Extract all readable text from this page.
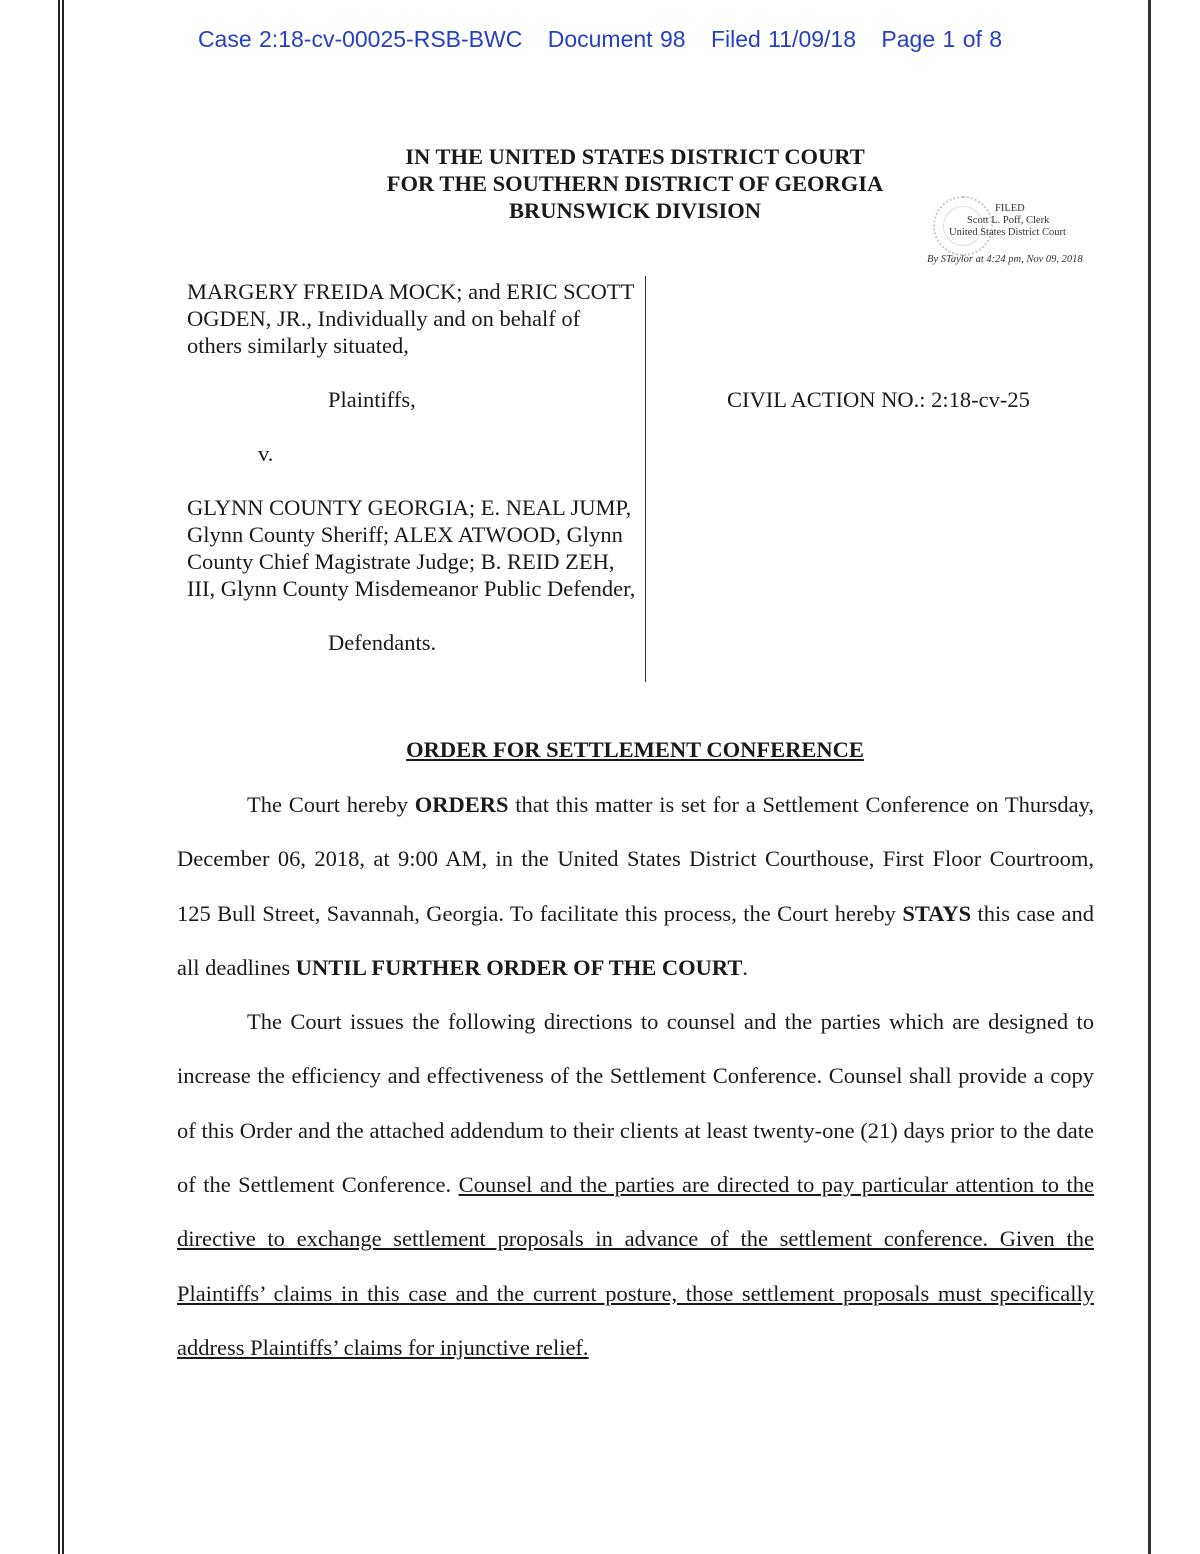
Case 2:18-cv-00025-RSB-BWC Document 98 Filed 11/09/18 Page 1 of 8
IN THE UNITED STATES DISTRICT COURT
FOR THE SOUTHERN DISTRICT OF GEORGIA
BRUNSWICK DIVISION	FILED
Scott L. Poff, Clerk
United States District Court
By STaylor at 4:24 pm, Nov 09, 2018

MARGERY FREIDA MOCK; and ERIC SCOTT OGDEN, JR., Individually and on behalf of others similarly situated,

Plaintiffs,

v.

GLYNN COUNTY GEORGIA; E. NEAL JUMP, Glynn County Sheriff; ALEX ATWOOD, Glynn County Chief Magistrate Judge; B. REID ZEH, III, Glynn County Misdemeanor Public Defender,

Defendants.

CIVIL ACTION NO.: 2:18-cv-25
ORDER FOR SETTLEMENT CONFERENCE

The Court hereby ORDERS that this matter is set for a Settlement Conference on Thursday, December 06, 2018, at 9:00 AM, in the United States District Courthouse, First Floor Courtroom, 125 Bull Street, Savannah, Georgia. To facilitate this process, the Court hereby STAYS this case and all deadlines UNTIL FURTHER ORDER OF THE COURT.

The Court issues the following directions to counsel and the parties which are designed to increase the efficiency and effectiveness of the Settlement Conference. Counsel shall provide a copy of this Order and the attached addendum to their clients at least twenty-one (21) days prior to the date of the Settlement Conference. Counsel and the parties are directed to pay particular attention to the directive to exchange settlement proposals in advance of the settlement conference. Given the Plaintiffs’ claims in this case and the current posture, those settlement proposals must specifically address Plaintiffs’ claims for injunctive relief.
